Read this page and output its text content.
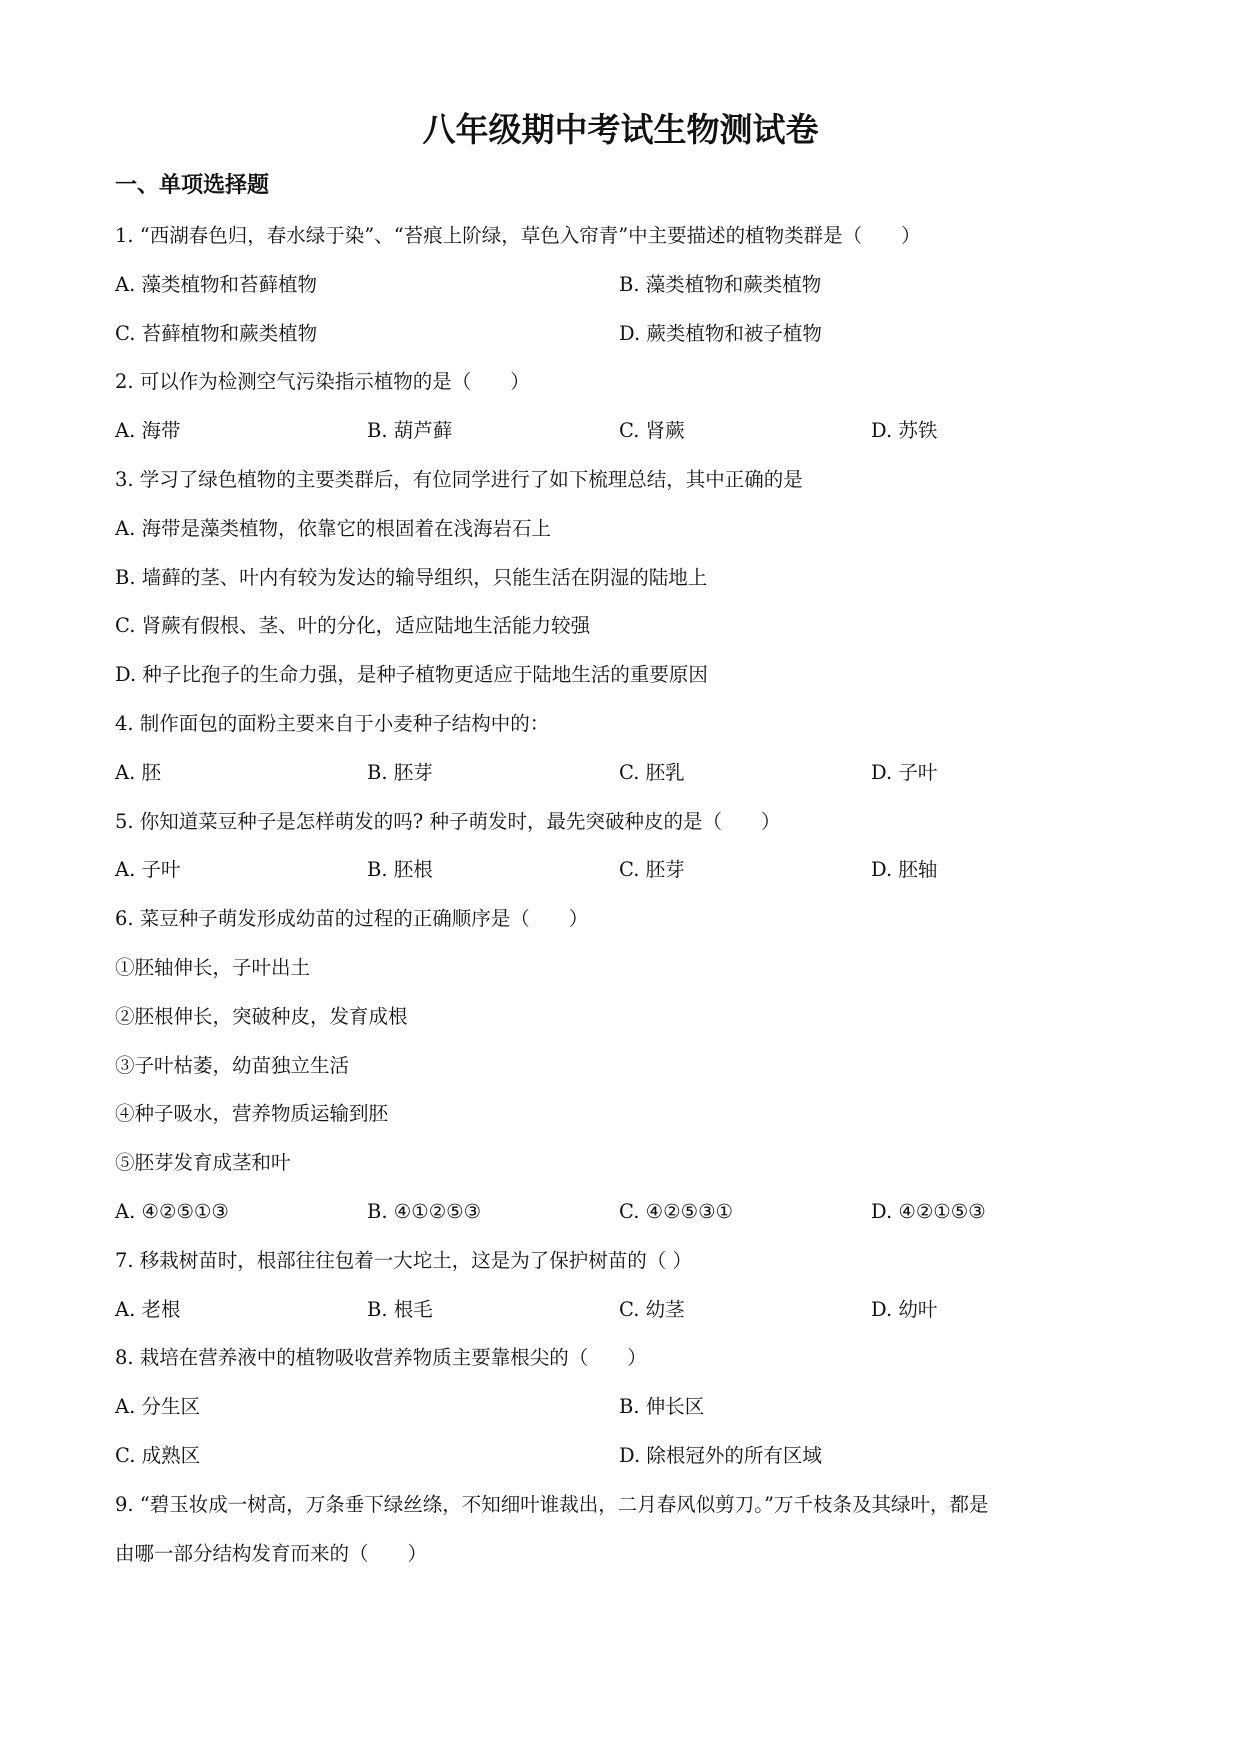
八年级期中考试生物测试卷
一、单项选择题
1. “西湖春色归，春水绿于染”、“苔痕上阶绿，草色入帘青”中主要描述的植物类群是（　　）
A. 藻类植物和苔藓植物	B. 藻类植物和蕨类植物
C. 苔藓植物和蕨类植物	D. 蕨类植物和被子植物
2. 可以作为检测空气污染指示植物的是（　　）
A. 海带	B. 葫芦藓	C. 肾蕨	D. 苏铁
3. 学习了绿色植物的主要类群后，有位同学进行了如下梳理总结，其中正确的是
A. 海带是藻类植物，依靠它的根固着在浅海岩石上
B. 墙藓的茎、叶内有较为发达的输导组织，只能生活在阴湿的陆地上
C. 肾蕨有假根、茎、叶的分化，适应陆地生活能力较强
D. 种子比孢子的生命力强，是种子植物更适应于陆地生活的重要原因
4. 制作面包的面粉主要来自于小麦种子结构中的：
A. 胚	B. 胚芽	C. 胚乳	D. 子叶
5. 你知道菜豆种子是怎样萌发的吗? 种子萌发时，最先突破种皮的是（　　）
A. 子叶	B. 胚根	C. 胚芽	D. 胚轴
6. 菜豆种子萌发形成幼苗的过程的正确顺序是（　　）
①胚轴伸长，子叶出土
②胚根伸长，突破种皮，发育成根
③子叶枯萎，幼苗独立生活
④种子吸水，营养物质运输到胚
⑤胚芽发育成茎和叶
A. ④②⑤①③	B. ④①②⑤③	C. ④②⑤③①	D. ④②①⑤③
7. 移栽树苗时，根部往往包着一大坨土，这是为了保护树苗的（ ）
A. 老根	B. 根毛	C. 幼茎	D. 幼叶
8. 栽培在营养液中的植物吸收营养物质主要靠根尖的（　　）
A. 分生区	B. 伸长区
C. 成熟区	D. 除根冠外的所有区域
9. “碧玉妆成一树高，万条垂下绿丝绦，不知细叶谁裁出，二月春风似剪刀。”万千枝条及其绿叶，都是
由哪一部分结构发育而来的（　　）
